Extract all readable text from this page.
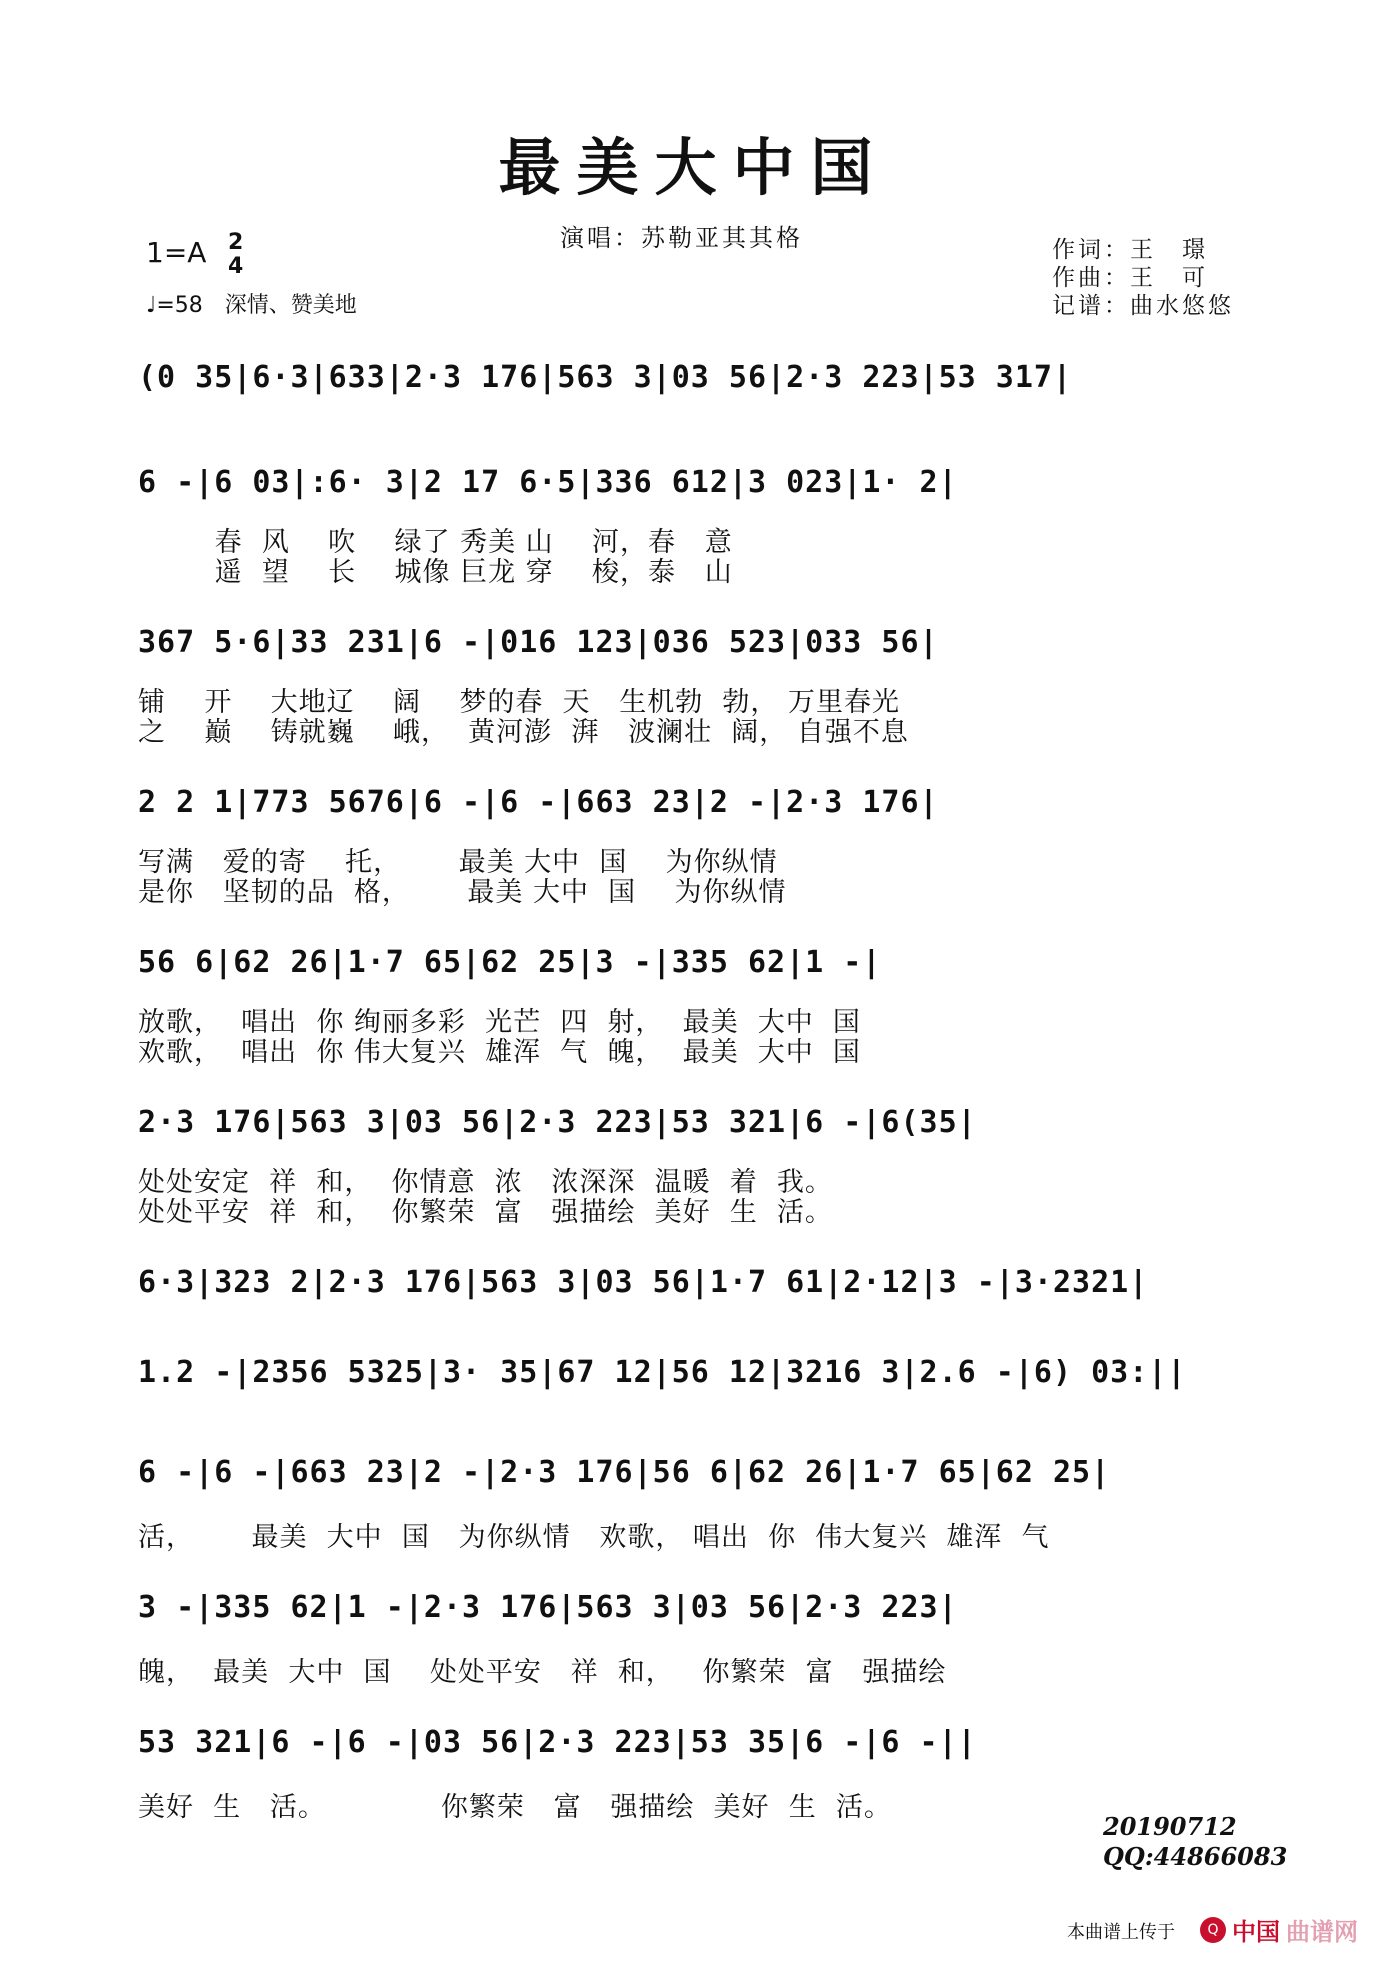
最美大中国
演唱：苏勒亚其其格
1=A 2
4
♩=58　深情、赞美地
作词：王　璟
作曲：王　可
记谱：曲水悠悠
(0 35|6·3|633|2·3 176|563 3|03 56|2·3 223|53 317|
6 -|6 03|:6· 3|2 17 6·5|336 612|3 023|1· 2|
春  风    吹    绿了 秀美 山    河，春   意
遥  望    长    城像 巨龙 穿    梭，泰   山
367 5·6|33 231|6 -|016 123|036 523|033 56|
铺    开    大地辽    阔    梦的春  天   生机勃  勃， 万里春光
之    巅    铸就巍    峨，  黄河澎  湃   波澜壮  阔， 自强不息
2 2 1|773 5676|6 -|6 -|663 23|2 -|2·3 176|
写满   爱的寄    托，      最美 大中  国    为你纵情
是你   坚韧的品  格，      最美 大中  国    为你纵情
56 6|62 26|1·7 65|62 25|3 -|335 62|1 -|
放歌，  唱出  你 绚丽多彩  光芒  四  射，  最美  大中  国
欢歌，  唱出  你 伟大复兴  雄浑  气  魄，  最美  大中  国
2·3 176|563 3|03 56|2·3 223|53 321|6 -|6(35|
处处安定  祥  和，  你情意  浓   浓深深  温暖  着  我。
处处平安  祥  和，  你繁荣  富   强描绘  美好  生  活。
6·3|323 2|2·3 176|563 3|03 56|1·7 61|2·12|3 -|3·2321|
1.2 -|2356 5325|3· 35|67 12|56 12|3216 3|2.6 -|6) 03:||
6 -|6 -|663 23|2 -|2·3 176|56 6|62 26|1·7 65|62 25|
活，      最美  大中  国   为你纵情   欢歌， 唱出  你  伟大复兴  雄浑  气
3 -|335 62|1 -|2·3 176|563 3|03 56|2·3 223|
魄，  最美  大中  国    处处平安   祥  和，   你繁荣  富   强描绘
53 321|6 -|6 -|03 56|2·3 223|53 35|6 -|6 -||
美好  生   活。            你繁荣   富   强描绘  美好  生  活。
20190712
QQ:44866083
本曲谱上传于	Q 中国 曲谱网
